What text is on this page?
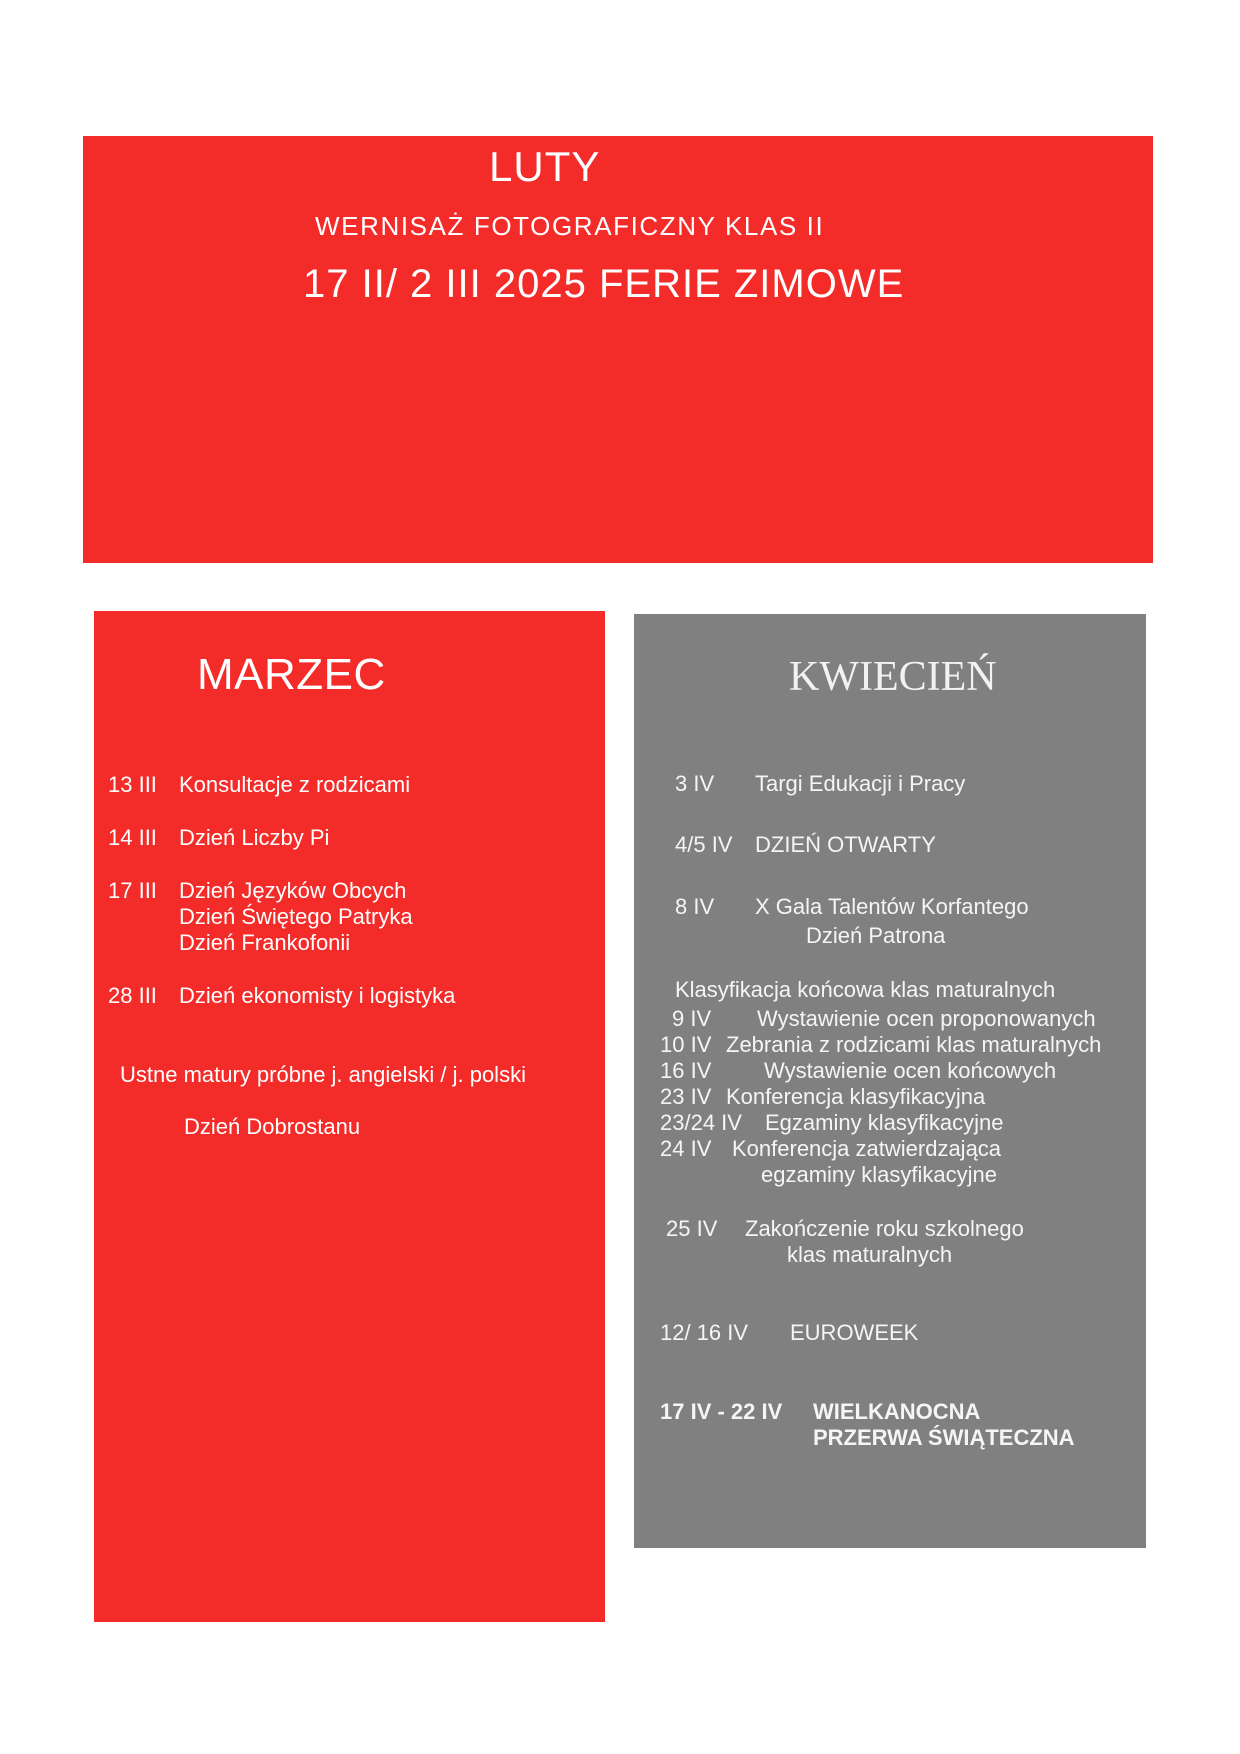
LUTY
WERNISAŻ FOTOGRAFICZNY KLAS II
17 II/ 2 III 2025 FERIE ZIMOWE
MARZEC
13 III Konsultacje z rodzicami
14 III Dzień Liczby Pi
17 III Dzień Języków Obcych
Dzień Świętego Patryka
Dzień Frankofonii
28 III Dzień ekonomisty i logistyka
Ustne matury próbne j. angielski / j. polski
Dzień Dobrostanu
KWIECIEŃ
3 IV Targi Edukacji i Pracy
4/5 IV DZIEŃ OTWARTY
8 IV X Gala Talentów Korfantego
Dzień Patrona
Klasyfikacja końcowa klas maturalnych
9 IV Wystawienie ocen proponowanych
10 IV Zebrania z rodzicami klas maturalnych
16 IV Wystawienie ocen końcowych
23 IV Konferencja klasyfikacyjna
23/24 IV Egzaminy klasyfikacyjne
24 IV Konferencja zatwierdzająca
egzaminy klasyfikacyjne
25 IV Zakończenie roku szkolnego
klas maturalnych
12/ 16 IV EUROWEEK
17 IV - 22 IV WIELKANOCNA
PRZERWA ŚWIĄTECZNA
